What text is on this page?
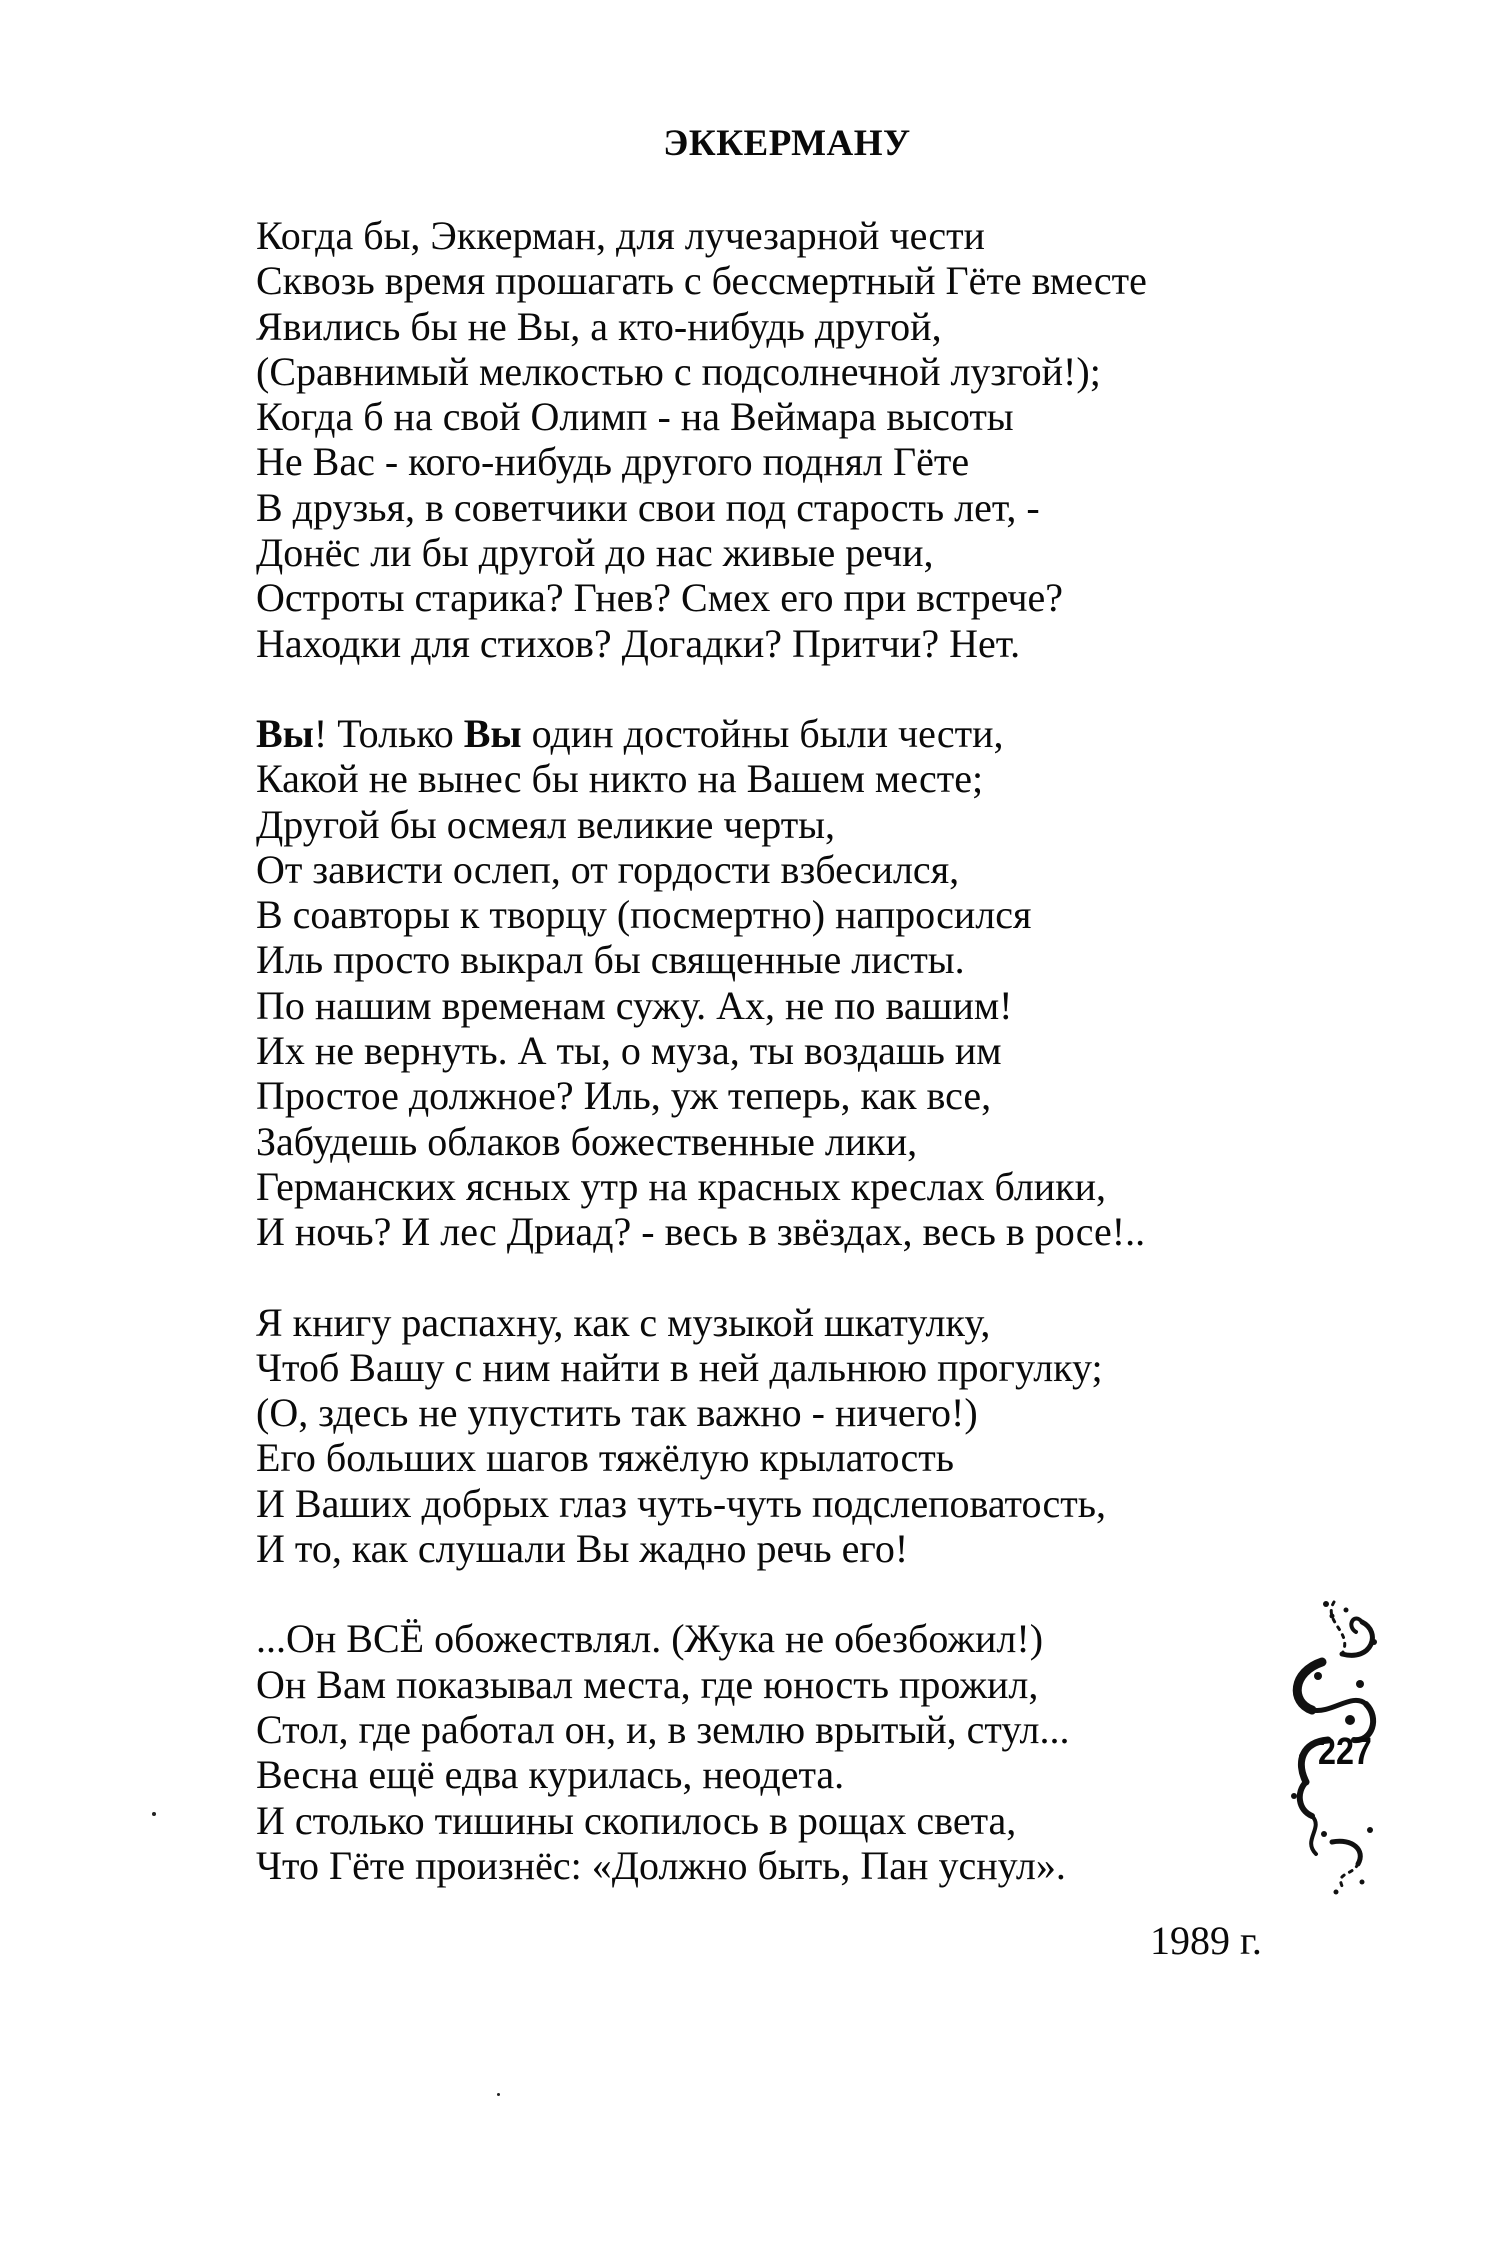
ЭККЕРМАНУ
Когда бы, Эккерман, для лучезарной чести
Сквозь время прошагать с бессмертный Гёте вместе
Явились бы не Вы, а кто-нибудь другой,
(Сравнимый мелкостью с подсолнечной лузгой!);
Когда б на свой Олимп - на Веймара высоты
Не Вас - кого-нибудь другого поднял Гёте
В друзья, в советчики свои под старость лет, -
Донёс ли бы другой до нас живые речи,
Остроты старика? Гнев? Смех его при встрече?
Находки для стихов? Догадки? Притчи? Нет.
Вы! Только Вы один достойны были чести,
Какой не вынес бы никто на Вашем месте;
Другой бы осмеял великие черты,
От зависти ослеп, от гордости взбесился,
В соавторы к творцу (посмертно) напросился
Иль просто выкрал бы священные листы.
По нашим временам сужу. Ах, не по вашим!
Их не вернуть. А ты, о муза, ты воздашь им
Простое должное? Иль, уж теперь, как все,
Забудешь облаков божественные лики,
Германских ясных утр на красных креслах блики,
И ночь? И лес Дриад? - весь в звёздах, весь в росе!..
Я книгу распахну, как с музыкой шкатулку,
Чтоб Вашу с ним найти в ней дальнюю прогулку;
(О, здесь не упустить так важно - ничего!)
Его больших шагов тяжёлую крылатость
И Ваших добрых глаз чуть-чуть подслеповатость,
И то, как слушали Вы жадно речь его!
...Он ВСЁ обожествлял. (Жука не обезбожил!)
Он Вам показывал места, где юность прожил,
Стол, где работал он, и, в землю врытый, стул...
Весна ещё едва курилась, неодета.
И столько тишины скопилось в рощах света,
Что Гёте произнёс: «Должно быть, Пан уснул».
1989 г.
227
